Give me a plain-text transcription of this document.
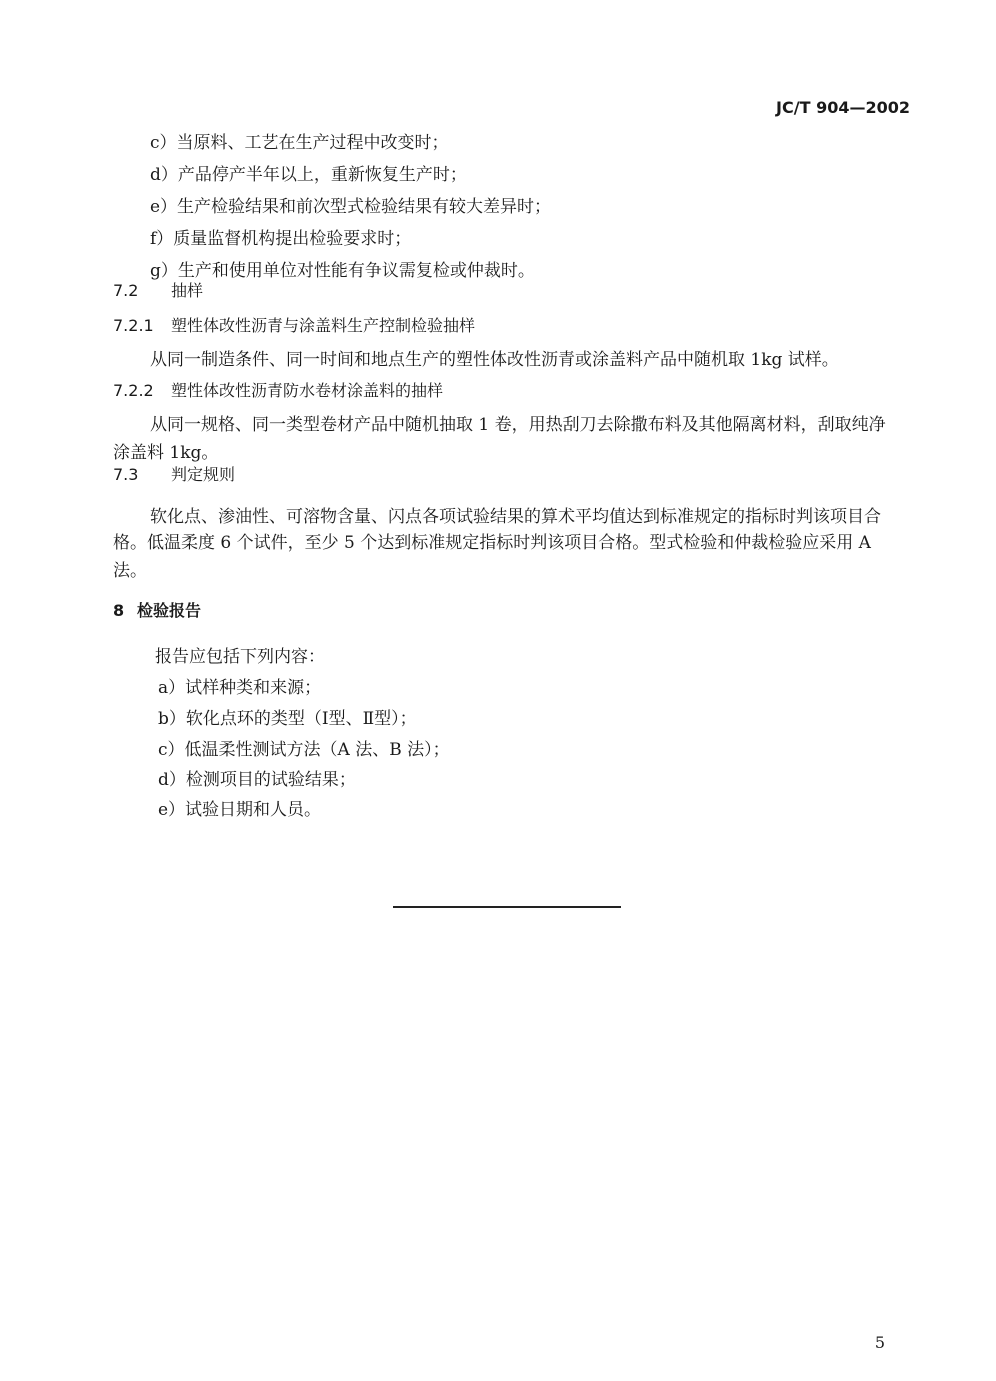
JC/T 904—2002
c）当原料、工艺在生产过程中改变时；
d）产品停产半年以上，重新恢复生产时；
e）生产检验结果和前次型式检验结果有较大差异时；
f）质量监督机构提出检验要求时；
g）生产和使用单位对性能有争议需复检或仲裁时。
7.2 抽样
7.2.1 塑性体改性沥青与涂盖料生产控制检验抽样
从同一制造条件、同一时间和地点生产的塑性体改性沥青或涂盖料产品中随机取 1kg 试样。
7.2.2 塑性体改性沥青防水卷材涂盖料的抽样
从同一规格、同一类型卷材产品中随机抽取 1 卷，用热刮刀去除撒布料及其他隔离材料，刮取纯净
涂盖料 1kg。
7.3 判定规则
软化点、渗油性、可溶物含量、闪点各项试验结果的算术平均值达到标准规定的指标时判该项目合
格。低温柔度 6 个试件，至少 5 个达到标准规定指标时判该项目合格。型式检验和仲裁检验应采用 A
法。
8 检验报告
报告应包括下列内容：
a）试样种类和来源；
b）软化点环的类型（Ⅰ型、Ⅱ型）；
c）低温柔性测试方法（A 法、B 法）；
d）检测项目的试验结果；
e）试验日期和人员。
5
